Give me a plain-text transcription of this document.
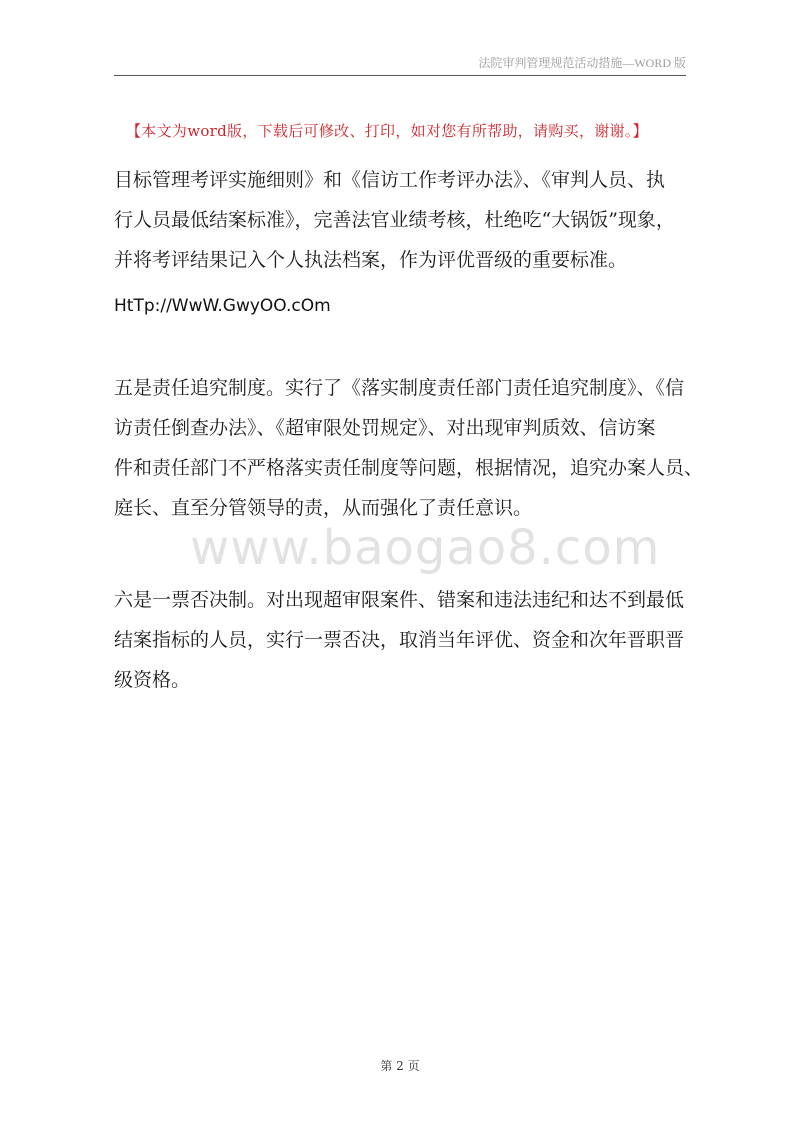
法院审判管理规范活动措施—WORD 版
【本文为word版，下载后可修改、打印，如对您有所帮助，请购买，谢谢。】
目标管理考评实施细则》和《信访工作考评办法》、《审判人员、执
行人员最低结案标准》，完善法官业绩考核，杜绝吃“大锅饭”现象，
并将考评结果记入个人执法档案，作为评优晋级的重要标准。
HtTp://WwW.GwyOO.cOm
五是责任追究制度。实行了《落实制度责任部门责任追究制度》、《信
访责任倒查办法》、《超审限处罚规定》、对出现审判质效、信访案
件和责任部门不严格落实责任制度等问题，根据情况，追究办案人员、
庭长、直至分管领导的责，从而强化了责任意识。
www.baogao8.com
六是一票否决制。对出现超审限案件、错案和违法违纪和达不到最低
结案指标的人员，实行一票否决，取消当年评优、资金和次年晋职晋
级资格。
第 2 页
